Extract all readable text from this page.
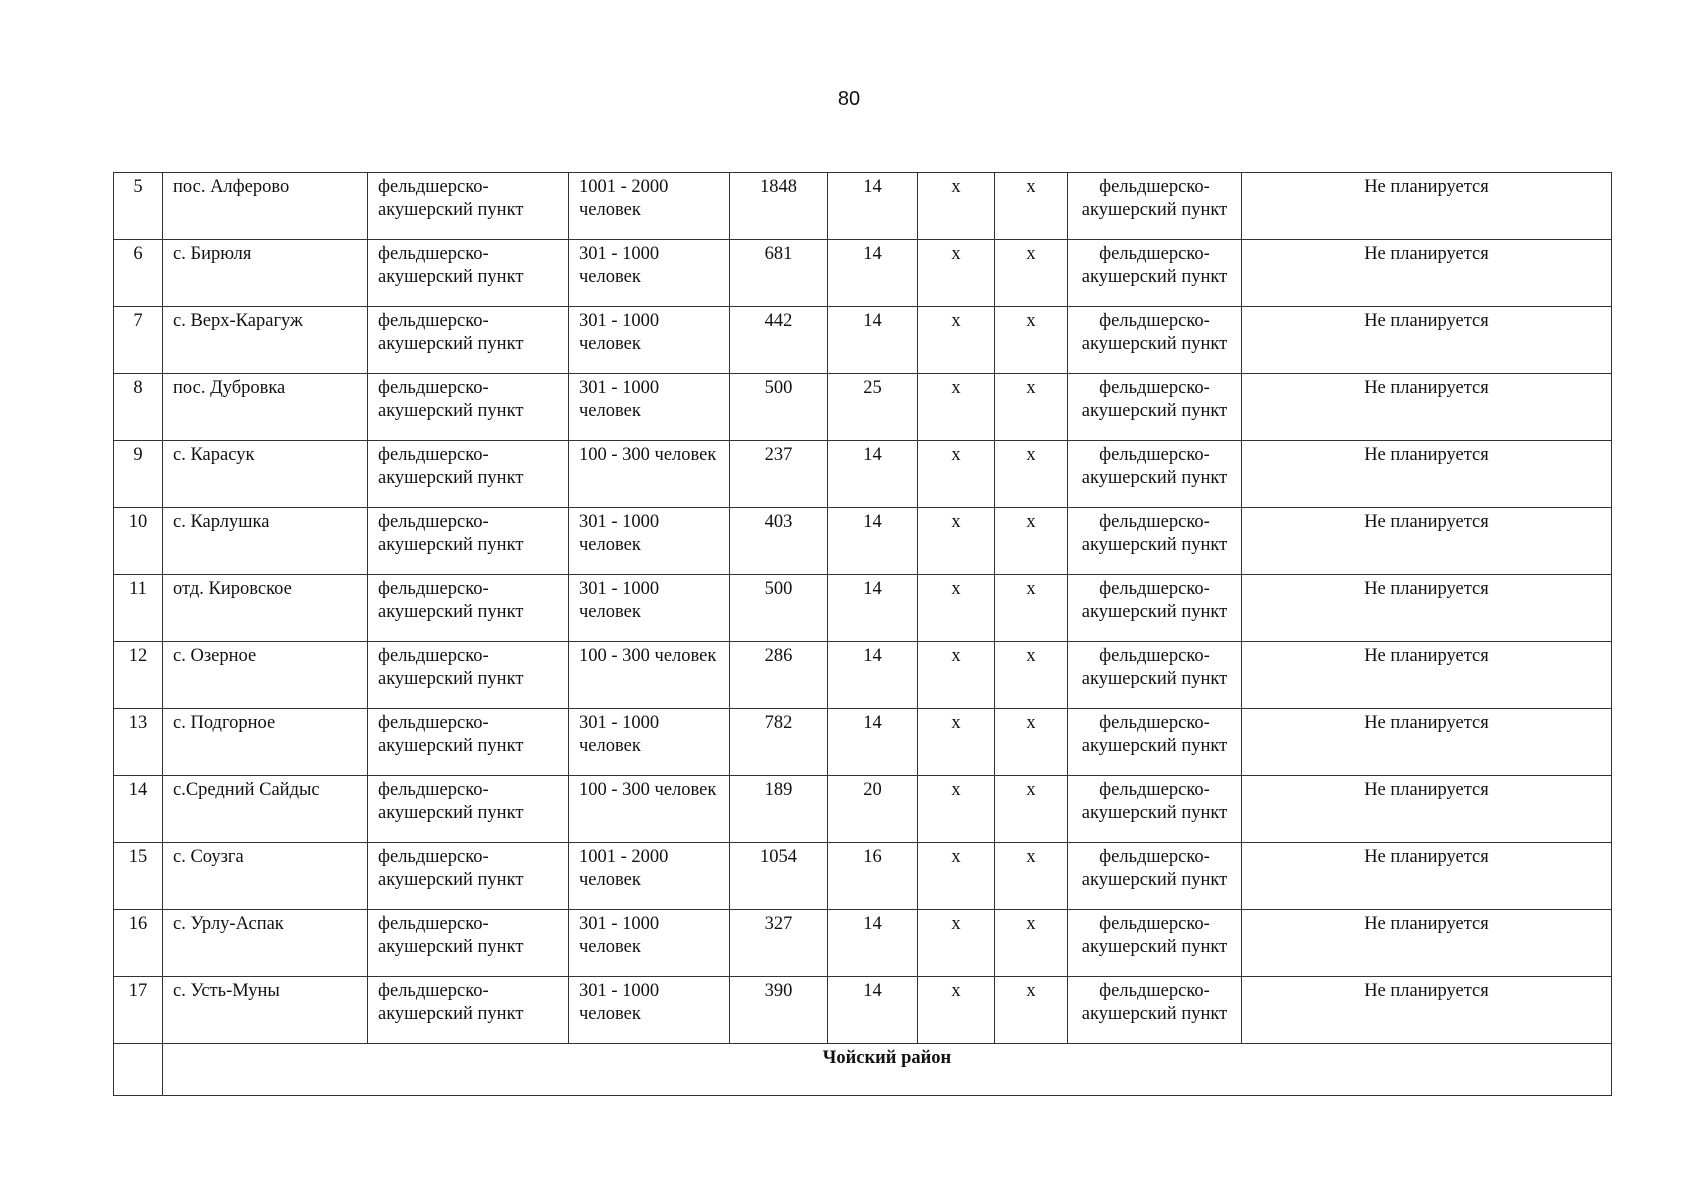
80
5	пос. Алферово	фельдшерско-акушерский пункт	1001 - 2000 человек	1848	14	х	х	фельдшерско-акушерский пункт	Не планируется
6	с. Бирюля	фельдшерско-акушерский пункт	301 - 1000 человек	681	14	х	х	фельдшерско-акушерский пункт	Не планируется
7	с. Верх-Карагуж	фельдшерско-акушерский пункт	301 - 1000 человек	442	14	х	х	фельдшерско-акушерский пункт	Не планируется
8	пос. Дубровка	фельдшерско-акушерский пункт	301 - 1000 человек	500	25	х	х	фельдшерско-акушерский пункт	Не планируется
9	с. Карасук	фельдшерско-акушерский пункт	100 - 300 человек	237	14	х	х	фельдшерско-акушерский пункт	Не планируется
10	с. Карлушка	фельдшерско-акушерский пункт	301 - 1000 человек	403	14	х	х	фельдшерско-акушерский пункт	Не планируется
11	отд. Кировское	фельдшерско-акушерский пункт	301 - 1000 человек	500	14	х	х	фельдшерско-акушерский пункт	Не планируется
12	с. Озерное	фельдшерско-акушерский пункт	100 - 300 человек	286	14	х	х	фельдшерско-акушерский пункт	Не планируется
13	с. Подгорное	фельдшерско-акушерский пункт	301 - 1000 человек	782	14	х	х	фельдшерско-акушерский пункт	Не планируется
14	с.Средний Сайдыс	фельдшерско-акушерский пункт	100 - 300 человек	189	20	х	х	фельдшерско-акушерский пункт	Не планируется
15	с. Соузга	фельдшерско-акушерский пункт	1001 - 2000 человек	1054	16	х	х	фельдшерско-акушерский пункт	Не планируется
16	с. Урлу-Аспак	фельдшерско-акушерский пункт	301 - 1000 человек	327	14	х	х	фельдшерско-акушерский пункт	Не планируется
17	с. Усть-Муны	фельдшерско-акушерский пункт	301 - 1000 человек	390	14	х	х	фельдшерско-акушерский пункт	Не планируется
	Чойский район								
